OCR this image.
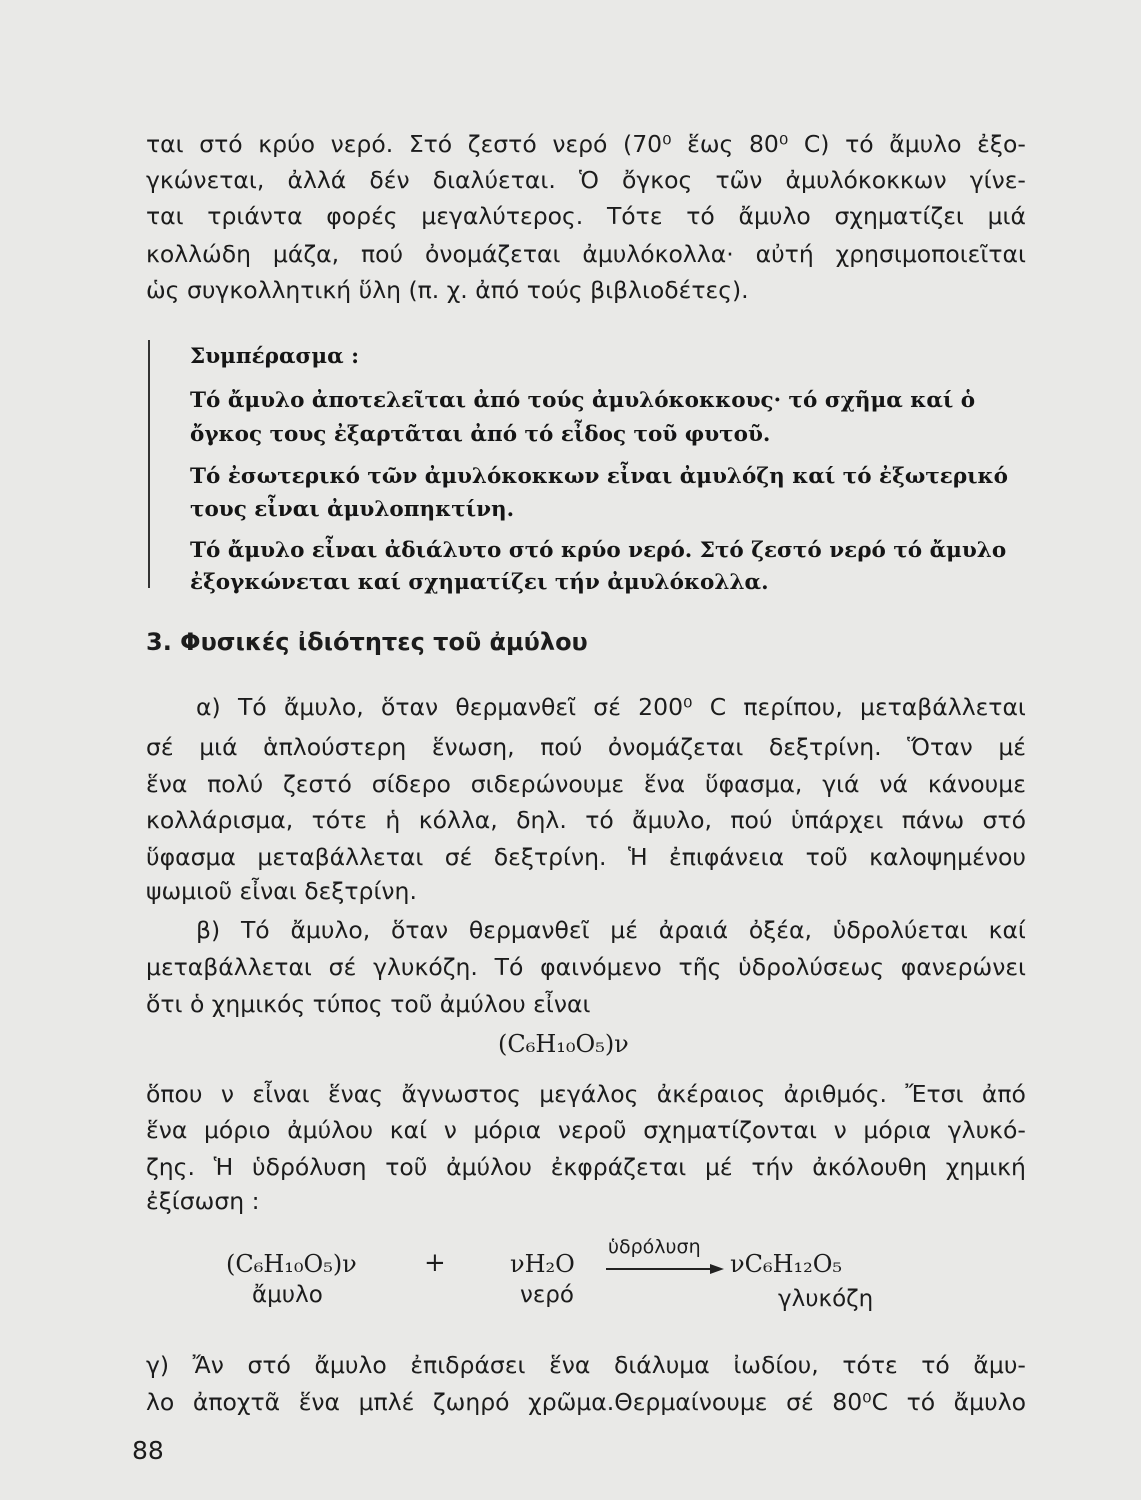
ται στό κρύο νερό. Στό ζεστό νερό (70⁰ ἕως 80⁰ C) τό ἄμυλο ἐξο-
γκώνεται, ἀλλά δέν διαλύεται. Ὁ ὄγκος τῶν ἀμυλόκοκκων γίνε-
ται τριάντα φορές μεγαλύτερος. Τότε τό ἄμυλο σχηματίζει μιά
κολλώδη μάζα, πού ὀνομάζεται ἀμυλόκολλα· αὐτή χρησιμοποιεῖται
ὡς συγκολλητική ὕλη (π. χ. ἀπό τούς βιβλιοδέτες).
Συμπέρασμα :
Τό ἄμυλο ἀποτελεῖται ἀπό τούς ἀμυλόκοκκους· τό σχῆμα καί ὁ
ὄγκος τους ἐξαρτᾶται ἀπό τό εἶδος τοῦ φυτοῦ.
Τό ἐσωτερικό τῶν ἀμυλόκοκκων εἶναι ἀμυλόζη καί τό ἐξωτερικό
τους εἶναι ἀμυλοπηκτίνη.
Τό ἄμυλο εἶναι ἀδιάλυτο στό κρύο νερό. Στό ζεστό νερό τό ἄμυλο
ἐξογκώνεται καί σχηματίζει τήν ἀμυλόκολλα.
3. Φυσικές ἰδιότητες τοῦ ἀμύλου
α) Τό ἄμυλο, ὅταν θερμανθεῖ σέ 200⁰ C περίπου, μεταβάλλεται
σέ μιά ἁπλούστερη ἕνωση, πού ὀνομάζεται δεξτρίνη. Ὅταν μέ
ἕνα πολύ ζεστό σίδερο σιδερώνουμε ἕνα ὕφασμα, γιά νά κάνουμε
κολλάρισμα, τότε ἡ κόλλα, δηλ. τό ἄμυλο, πού ὑπάρχει πάνω στό
ὕφασμα μεταβάλλεται σέ δεξτρίνη. Ἡ ἐπιφάνεια τοῦ καλοψημένου
ψωμιοῦ εἶναι δεξτρίνη.
β) Τό ἄμυλο, ὅταν θερμανθεῖ μέ ἀραιά ὀξέα, ὑδρολύεται καί
μεταβάλλεται σέ γλυκόζη. Τό φαινόμενο τῆς ὑδρολύσεως φανερώνει
ὅτι ὁ χημικός τύπος τοῦ ἀμύλου εἶναι
(C₆H₁₀O₅)ν
ὅπου ν εἶναι ἕνας ἄγνωστος μεγάλος ἀκέραιος ἀριθμός. Ἔτσι ἀπό
ἕνα μόριο ἀμύλου καί ν μόρια νεροῦ σχηματίζονται ν μόρια γλυκό-
ζης. Ἡ ὑδρόλυση τοῦ ἀμύλου ἐκφράζεται μέ τήν ἀκόλουθη χημική
ἐξίσωση :
(C₆H₁₀O₅)ν
ἄμυλο
+	νH₂O
νερό
ὑδρόλυση
νC₆H₁₂O₅
γλυκόζη
γ) Ἄν στό ἄμυλο ἐπιδράσει ἕνα διάλυμα ἰωδίου, τότε τό ἄμυ-
λο ἀποχτᾶ ἕνα μπλέ ζωηρό χρῶμα.Θερμαίνουμε σέ 80⁰C τό ἄμυλο
88
